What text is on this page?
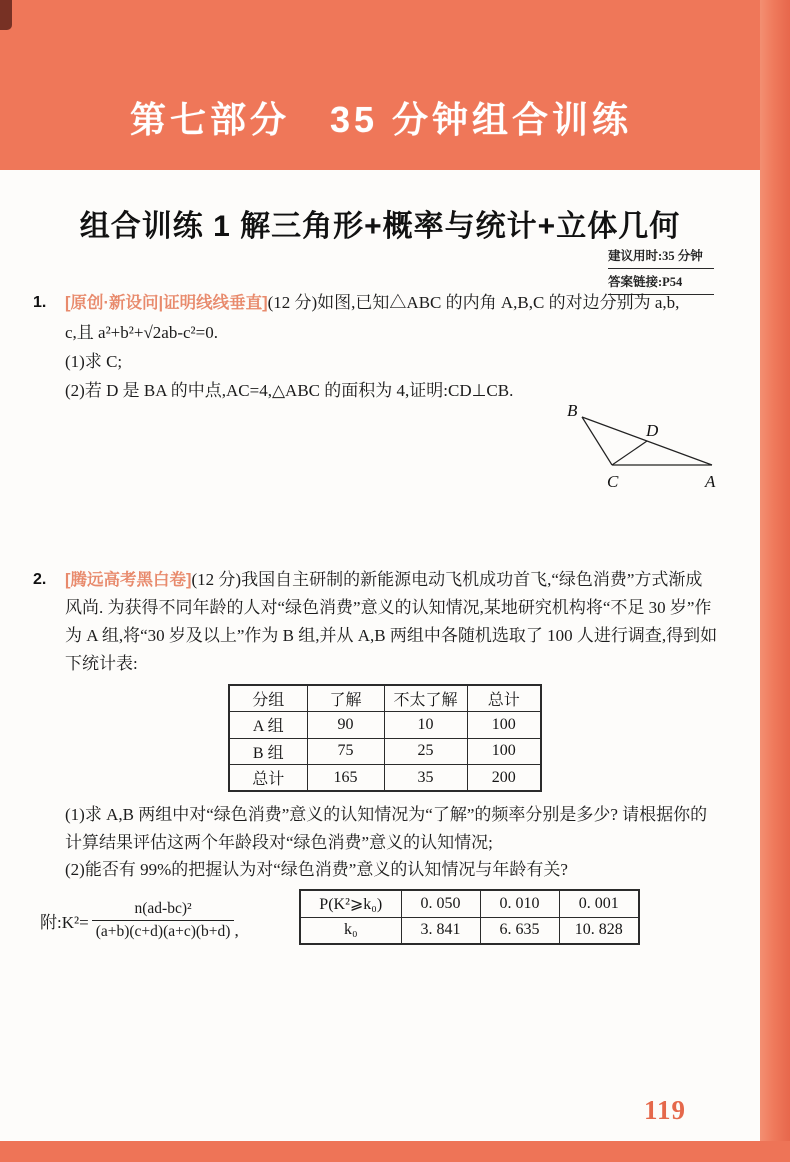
第七部分　35 分钟组合训练
组合训练 1 解三角形+概率与统计+立体几何
建议用时:35 分钟
答案链接:P54
1. [原创·新设问|证明线线垂直](12 分)如图,已知△ABC 的内角 A,B,C 的对边分别为 a,b,
c,且 a²+b²+√2ab-c²=0.
(1)求 C;
(2)若 D 是 BA 的中点,AC=4,△ABC 的面积为 4,证明:CD⊥CB.
B
D
C	A
2. [腾远高考黑白卷](12 分)我国自主研制的新能源电动飞机成功首飞,“绿色消费”方式渐成
风尚. 为获得不同年龄的人对“绿色消费”意义的认知情况,某地研究机构将“不足 30 岁”作
为 A 组,将“30 岁及以上”作为 B 组,并从 A,B 两组中各随机选取了 100 人进行调查,得到如
下统计表:
分组	了解	不太了解	总计
A 组	90	10	100
B 组	75	25	100
总计	165	35	200
(1)求 A,B 两组中对“绿色消费”意义的认知情况为“了解”的频率分别是多少? 请根据你的
计算结果评估这两个年龄段对“绿色消费”意义的认知情况;
(2)能否有 99%的把握认为对“绿色消费”意义的认知情况与年龄有关?
附:K²= $\frac{\text{n(ad-bc)²}}{(a+b)(c+d)(a+c)(b+d)}$ ,
P(K²⩾k₀)	0. 050	0. 010	0. 001
k₀	3. 841	6. 635	10. 828
119
